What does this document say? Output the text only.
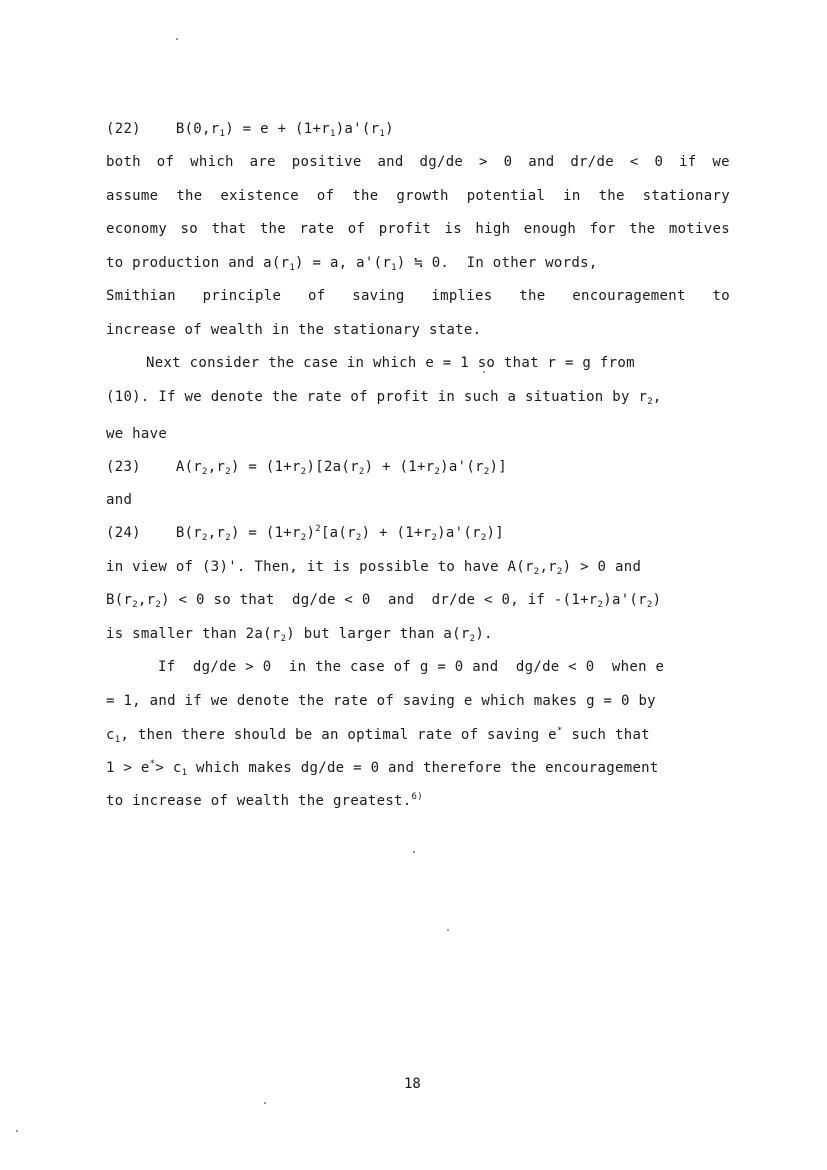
(22) $B(0,r_1) = e + (1+r_1)a'(r_1)$
both of which are positive and dg/de > 0 and dr/de < 0 if we
assume the existence of the growth potential in the stationary
economy so that the rate of profit is high enough for the motives
to production and $a(r_1) = a$, $a'(r_1)$ ≒ 0.  In other words,
Smithian principle of saving implies the encouragement to
increase of wealth in the stationary state.
Next consider the case in which e = 1 so that r = g from
(10). If we denote the rate of profit in such a situation by $r_2$,
we have
(23) $A(r_2,r_2) = (1+r_2)[2a(r_2) + (1+r_2)a'(r_2)]$
and
(24) $B(r_2,r_2) = (1+r_2)^2[a(r_2) + (1+r_2)a'(r_2)]$
in view of (3)'. Then, it is possible to have $A(r_2,r_2) > 0$ and
$B(r_2,r_2) < 0$ so that  dg/de < 0  and  dr/de < 0, if $-(1+r_2)a'(r_2)$
is smaller than $2a(r_2)$ but larger than $a(r_2)$.
If  dg/de > 0  in the case of g = 0 and  dg/de < 0  when e
= 1, and if we denote the rate of saving e which makes g = 0 by
$c_1$, then there should be an optimal rate of saving e* such that
$1 > e^*> c_1$ which makes dg/de = 0 and therefore the encouragement
to increase of wealth the greatest.$^{6)}$
18
